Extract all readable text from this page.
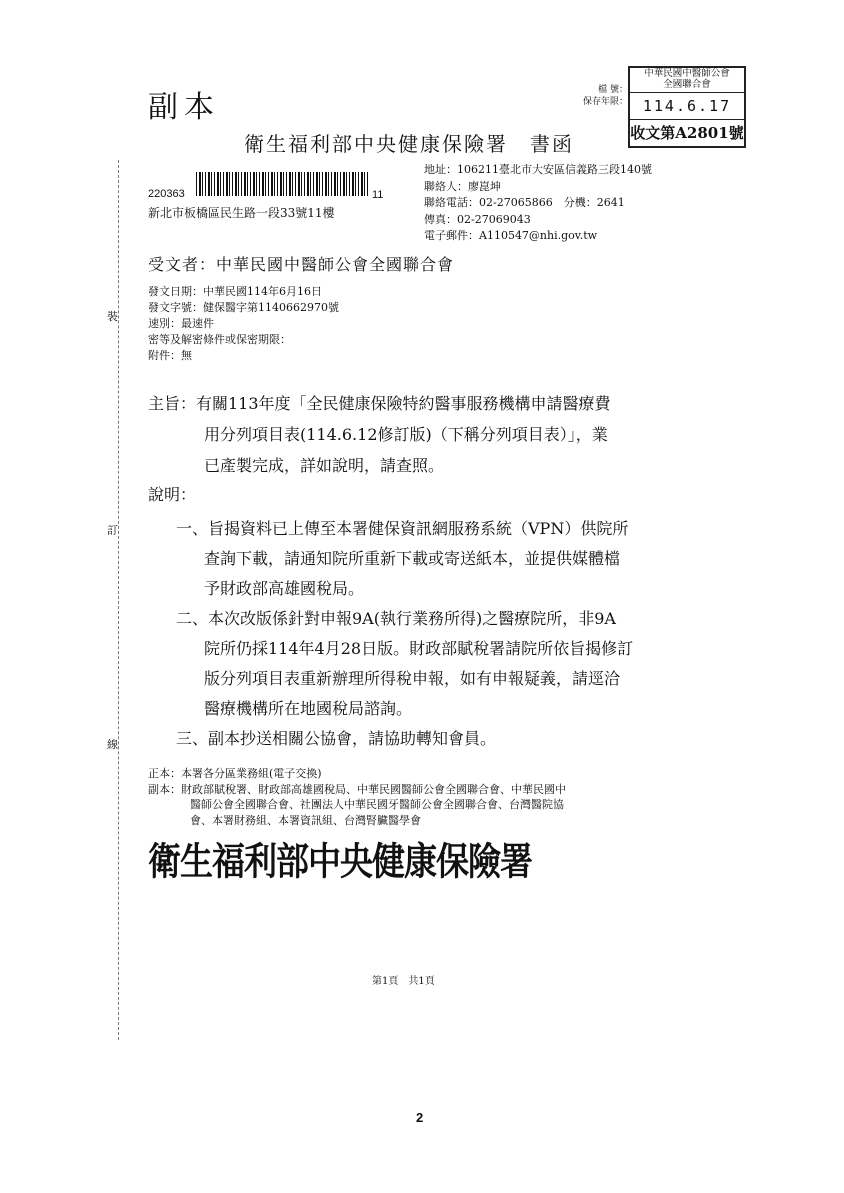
裝
訂
線
副本	檔 號：
保存年限：
中華民國中醫師公會
全國聯合會
114.6.17
收文第A2801號
衛生福利部中央健康保險署　書函
220363	11
新北市板橋區民生路一段33號11樓
地址：106211臺北市大安區信義路三段140號
聯絡人：廖崑坤
聯絡電話：02-27065866　分機：2641
傳真：02-27069043
電子郵件：A110547@nhi.gov.tw
受文者：中華民國中醫師公會全國聯合會
發文日期：中華民國114年6月16日
發文字號：健保醫字第1140662970號
速別：最速件
密等及解密條件或保密期限：
附件：無
主旨：有關113年度「全民健康保險特約醫事服務機構申請醫療費
用分列項目表(114.6.12修訂版)（下稱分列項目表）」，業
已產製完成，詳如說明，請查照。
說明：
一、旨揭資料已上傳至本署健保資訊網服務系統（VPN）供院所
查詢下載，請通知院所重新下載或寄送紙本，並提供媒體檔
予財政部高雄國稅局。
二、本次改版係針對申報9A(執行業務所得)之醫療院所，非9A
院所仍採114年4月28日版。財政部賦稅署請院所依旨揭修訂
版分列項目表重新辦理所得稅申報，如有申報疑義，請逕洽
醫療機構所在地國稅局諮詢。
三、副本抄送相關公協會，請協助轉知會員。
正本：本署各分區業務組(電子交換)
副本：財政部賦稅署、財政部高雄國稅局、中華民國醫師公會全國聯合會、中華民國中
醫師公會全國聯合會、社團法人中華民國牙醫師公會全國聯合會、台灣醫院協
會、本署財務組、本署資訊組、台灣腎臟醫學會
衛生福利部中央健康保險署
第1頁　共1頁
2
